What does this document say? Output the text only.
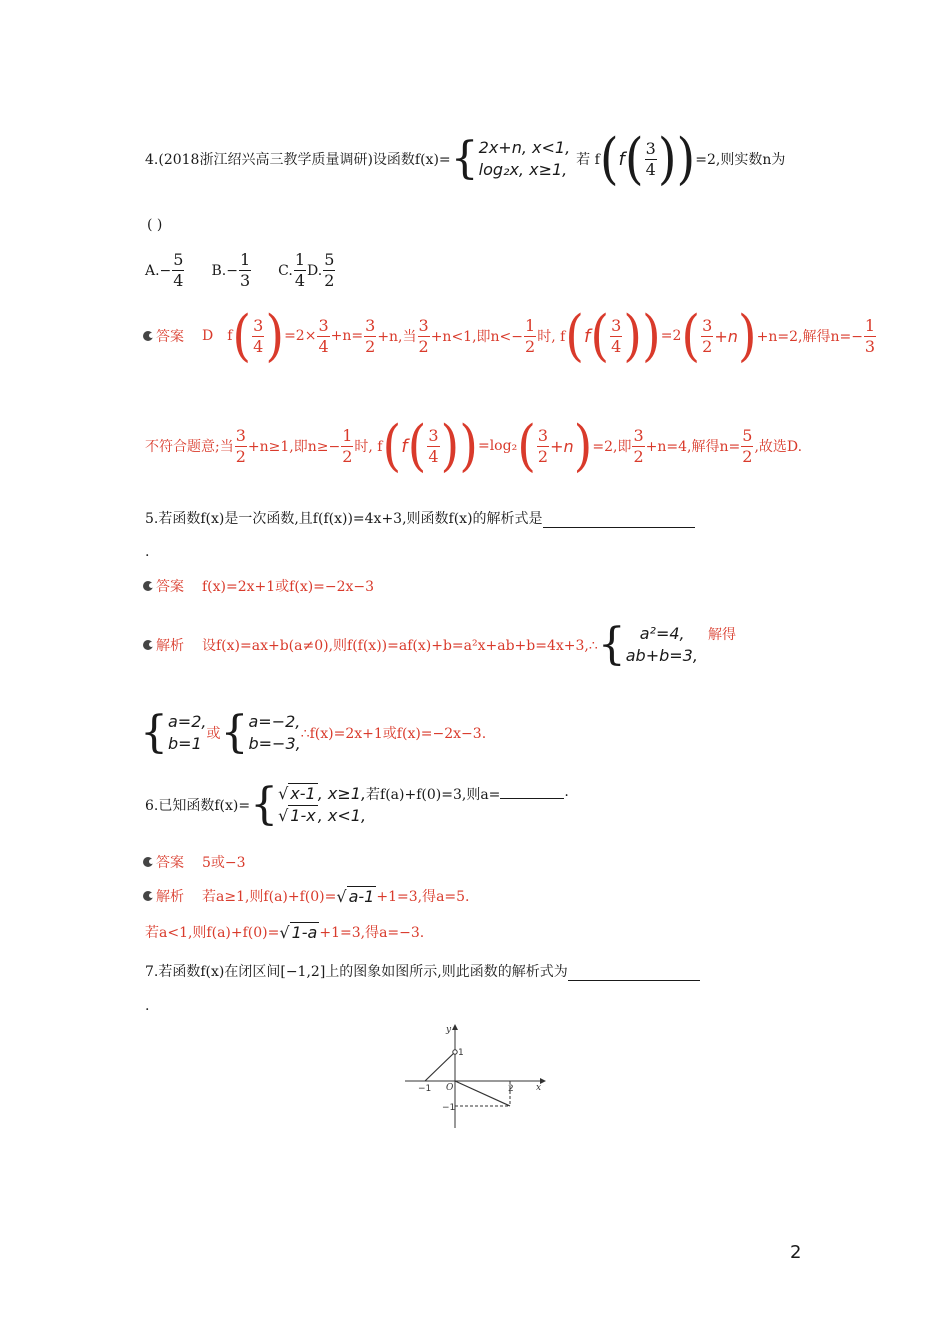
4.(2018浙江绍兴高三教学质量调研)设函数f(x)= { 2x+n, x<1,
log₂x, x≥1, 若 f ( f ( 3
4 ) ) =2,则实数n为
( )
$A.- \frac{5}{4} B.- \frac{1}{3} C$.
1
4
D.
5
2
答案 D f ( 3
4 ) $=2\times \frac{3}{4} +n= \frac{3}{2} +n$,当
3
2 +n<1,即$n<- \frac{1}{2}$ 时, f ( f ( 3
4 ) ) =2 ( 3
2
+n ) +n=2,解得$n=- \frac{1}{3}$
不符合题意;当
3
2 +n≥1,即$n\ge- \frac{1}{2}$ 时, f ( f ( 3
4 ) ) =log₂ ( 3
2
+n ) =2,即
3
2 +n=4,解得$n= \frac{5}{2}$ ,故选D.
5.若函数f(x)是一次函数,且f(f(x))=4x+3,则函数f(x)的解析式是
.
答案 f(x)=2x+1或f(x)=−2x−3
解析 设f(x)=ax+b(a≠0),则f(f(x))=af(x)+b=a²x+ab+b=4x+3,∴ { a²=4,
ab+b=3,
解得
{ a=2,
b=1 或 { a=−2,
b=−3, ∴f(x)=2x+1或f(x)=−2x−3.
6.已知函数f(x)= { √ x-1 , x≥1,
√ 1-x , x<1,
若f(a)+f(0)=3,则a=	.
答案 5或−3
解析 若a≥1,则f(a)+f(0)= √ a-1 +1=3,得a=5.
若a<1,则f(a)+f(0)= √ 1-a +1=3,得a=−3.
7.若函数f(x)在闭区间[−1,2]上的图象如图所示,则此函数的解析式为
.
y
x
O
−1	2
1
−1
2
